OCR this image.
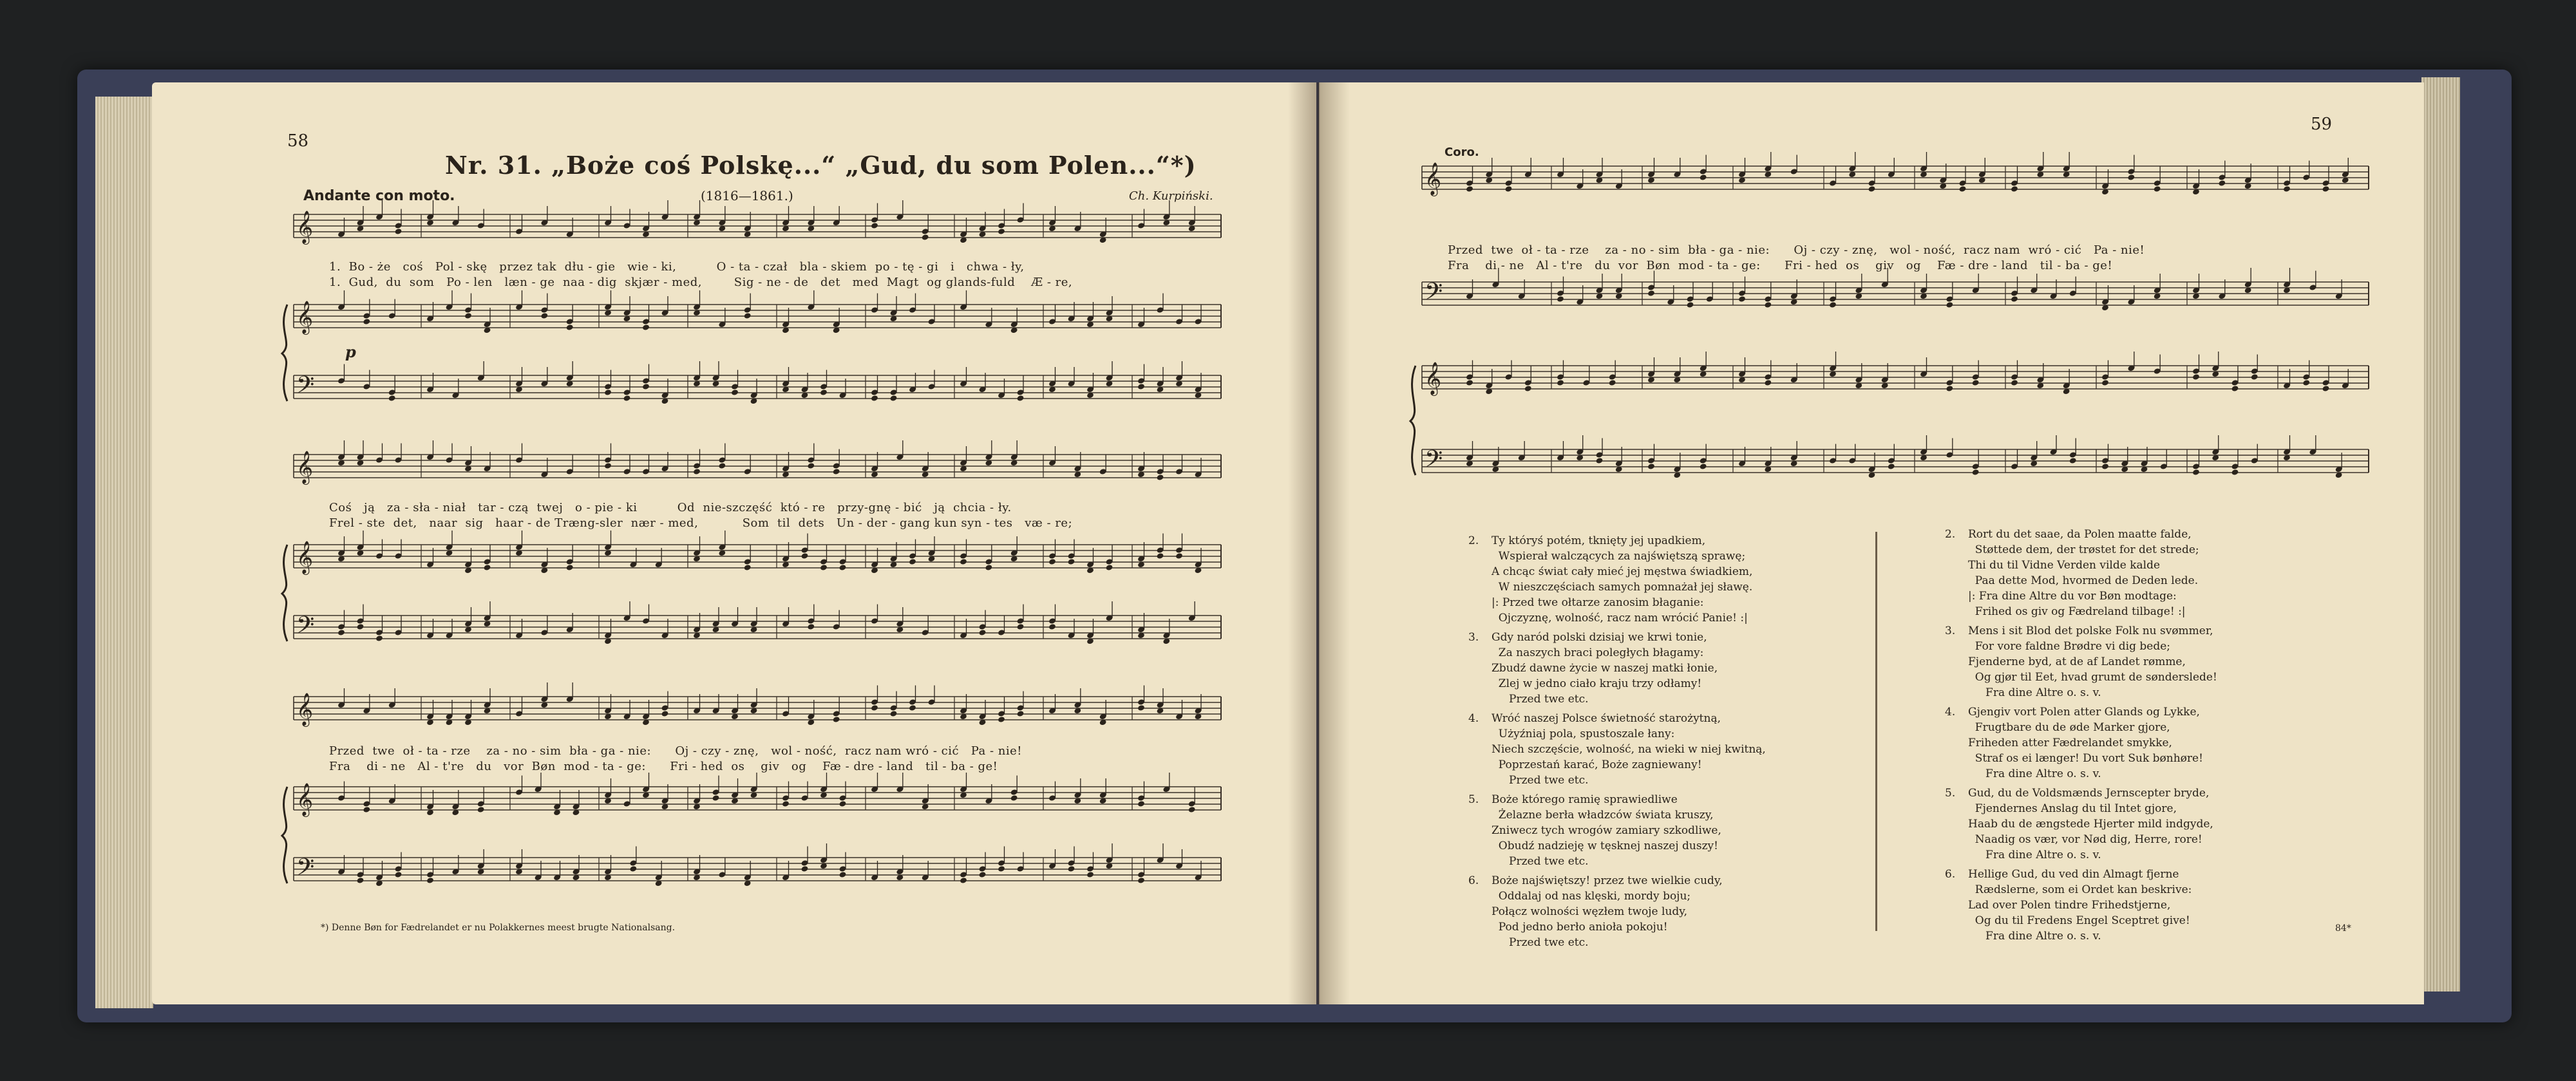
58
Nr. 31. „Boże coś Polskę...“ „Gud, du som Polen...“*)
Andante con moto.	(1816—1861.)	Ch. Kurpiński.
𝄞
𝄞
𝄢
1.  Bo - że   coś   Pol - skę   przez tak  dłu - gie   wie - ki,          O - ta - czał   bla - skiem  po - tę - gi   i   chwa - ły,
1.  Gud,  du  som   Po - len   læn - ge  naa - dig  skjær - med,        Sig - ne - de   det   med  Magt  og glands-fuld    Æ - re,
p
𝄞
𝄞
𝄢
Coś   ją   za - sła - niał   tar - czą  twej   o - pie - ki          Od  nie-szczęść  któ - re   przy-gnę - bić   ją  chcia - ły.
Frel - ste  det,   naar  sig   haar - de Træng-sler  nær - med,           Som  til  dets   Un - der - gang kun syn - tes   væ - re;
𝄞
𝄞
𝄢
Przed  twe  oł - ta - rze    za - no - sim  bła - ga - nie:      Oj - czy - znę,   wol - ność,  racz nam wró - cić   Pa - nie!
Fra    di - ne   Al - t're   du   vor  Bøn  mod - ta - ge:      Fri - hed  os    giv   og    Fæ - dre - land   til - ba - ge!
*) Denne Bøn for Fædrelandet er nu Polakkernes meest brugte Nationalsang.
59
Coro.
𝄞
𝄢
𝄞
𝄢
Przed  twe  oł - ta - rze    za - no - sim  bła - ga - nie:      Oj - czy - znę,   wol - ność,  racz nam  wró - cić   Pa - nie!
Fra    di - ne   Al - t're   du  vor  Bøn  mod - ta - ge:      Fri - hed  os    giv   og    Fæ - dre - land   til - ba - ge!
2. Ty któryś potém, tknięty jej upadkiem,
Wspierał walczących za najświętszą sprawę;
A chcąc świat cały mieć jej męstwa świadkiem,
W nieszczęściach samych pomnażał jej sławę.
|: Przed twe ołtarze zanosim błaganie:
Ojczyznę, wolność, racz nam wrócić Panie! :|
3. Gdy naród polski dzisiaj we krwi tonie,
Za naszych braci poległych błagamy:
Zbudź dawne życie w naszej matki łonie,
Zlej w jedno ciało kraju trzy odłamy!
Przed twe etc.
4. Wróć naszej Polsce świetność starożytną,
Użyźniaj pola, spustoszale łany:
Niech szczęście, wolność, na wieki w niej kwitną,
Poprzestań karać, Boże zagniewany!
Przed twe etc.
5. Boże którego ramię sprawiedliwe
Żelazne berła władzców świata kruszy,
Zniwecz tych wrogów zamiary szkodliwe,
Obudź nadzieję w tęsknej naszej duszy!
Przed twe etc.
6. Boże najświętszy! przez twe wielkie cudy,
Oddalaj od nas klęski, mordy boju;
Połącz wolności węzłem twoje ludy,
Pod jedno berło anioła pokoju!
Przed twe etc.
2. Rort du det saae, da Polen maatte falde,
Støttede dem, der trøstet for det strede;
Thi du til Vidne Verden vilde kalde
Paa dette Mod, hvormed de Deden lede.
|: Fra dine Altre du vor Bøn modtage:
Frihed os giv og Fædreland tilbage! :|
3. Mens i sit Blod det polske Folk nu svømmer,
For vore faldne Brødre vi dig bede;
Fjenderne byd, at de af Landet rømme,
Og gjør til Eet, hvad grumt de sønderslede!
Fra dine Altre o. s. v.
4. Gjengiv vort Polen atter Glands og Lykke,
Frugtbare du de øde Marker gjore,
Friheden atter Fædrelandet smykke,
Straf os ei længer! Du vort Suk bønhøre!
Fra dine Altre o. s. v.
5. Gud, du de Voldsmænds Jernscepter bryde,
Fjendernes Anslag du til Intet gjore,
Haab du de ængstede Hjerter mild indgyde,
Naadig os vær, vor Nød dig, Herre, rore!
Fra dine Altre o. s. v.
6. Hellige Gud, du ved din Almagt fjerne
Rædslerne, som ei Ordet kan beskrive:
Lad over Polen tindre Frihedstjerne,
Og du til Fredens Engel Sceptret give!
Fra dine Altre o. s. v.
84*
